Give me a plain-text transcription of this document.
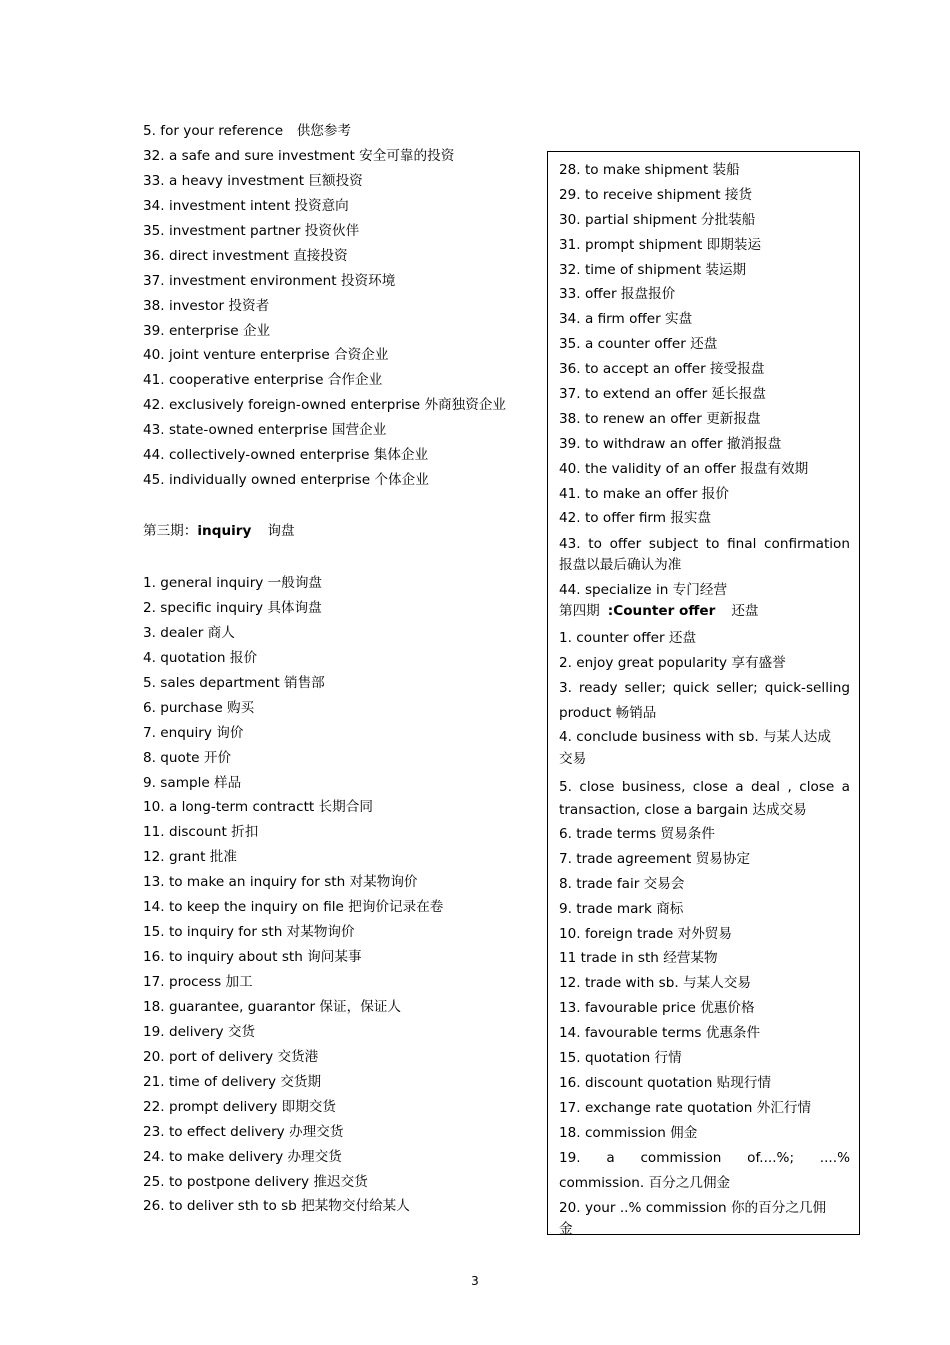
5. for your reference　供您参考
32. a safe and sure investment 安全可靠的投资
33. a heavy investment 巨额投资
34. investment intent 投资意向
35. investment partner 投资伙伴
36. direct investment 直接投资
37. investment environment 投资环境
38. investor 投资者
39. enterprise 企业
40. joint venture enterprise 合资企业
41. cooperative enterprise 合作企业
42. exclusively foreign-owned enterprise 外商独资企业
43. state-owned enterprise 国营企业
44. collectively-owned enterprise 集体企业
45. individually owned enterprise 个体企业
第三期：inquiry 询盘
1. general inquiry 一般询盘
2. specific inquiry 具体询盘
3. dealer 商人
4. quotation 报价
5. sales department 销售部
6. purchase 购买
7. enquiry 询价
8. quote 开价
9. sample 样品
10. a long-term contractt 长期合同
11. discount 折扣
12. grant 批准
13. to make an inquiry for sth 对某物询价
14. to keep the inquiry on file 把询价记录在卷
15. to inquiry for sth 对某物询价
16. to inquiry about sth 询问某事
17. process 加工
18. guarantee, guarantor 保证，保证人
19. delivery 交货
20. port of delivery 交货港
21. time of delivery 交货期
22. prompt delivery 即期交货
23. to effect delivery 办理交货
24. to make delivery 办理交货
25. to postpone delivery 推迟交货
26. to deliver sth to sb 把某物交付给某人
28. to make shipment 装船
29. to receive shipment 接货
30. partial shipment 分批装船
31. prompt shipment 即期装运
32. time of shipment 装运期
33. offer 报盘报价
34. a firm offer 实盘
35. a counter offer 还盘
36. to accept an offer 接受报盘
37. to extend an offer 延长报盘
38. to renew an offer 更新报盘
39. to withdraw an offer 撤消报盘
40. the validity of an offer 报盘有效期
41. to make an offer 报价
42. to offer firm 报实盘
43. to offer subject to final confirmation
报盘以最后确认为准
44. specialize in 专门经营
第四期 :Counter offer 还盘
1. counter offer 还盘
2. enjoy great popularity 享有盛誉
3. ready seller; quick seller; quick-selling
product 畅销品
4. conclude business with sb. 与某人达成
交易
5. close business, close a deal , close a
transaction, close a bargain 达成交易
6. trade terms 贸易条件
7. trade agreement 贸易协定
8. trade fair 交易会
9. trade mark 商标
10. foreign trade 对外贸易
11 trade in sth 经营某物
12. trade with sb. 与某人交易
13. favourable price 优惠价格
14. favourable terms 优惠条件
15. quotation 行情
16. discount quotation 贴现行情
17. exchange rate quotation 外汇行情
18. commission 佣金
19. a commission of....%; ....%
commission. 百分之几佣金
20. your ..% commission 你的百分之几佣
金
3
